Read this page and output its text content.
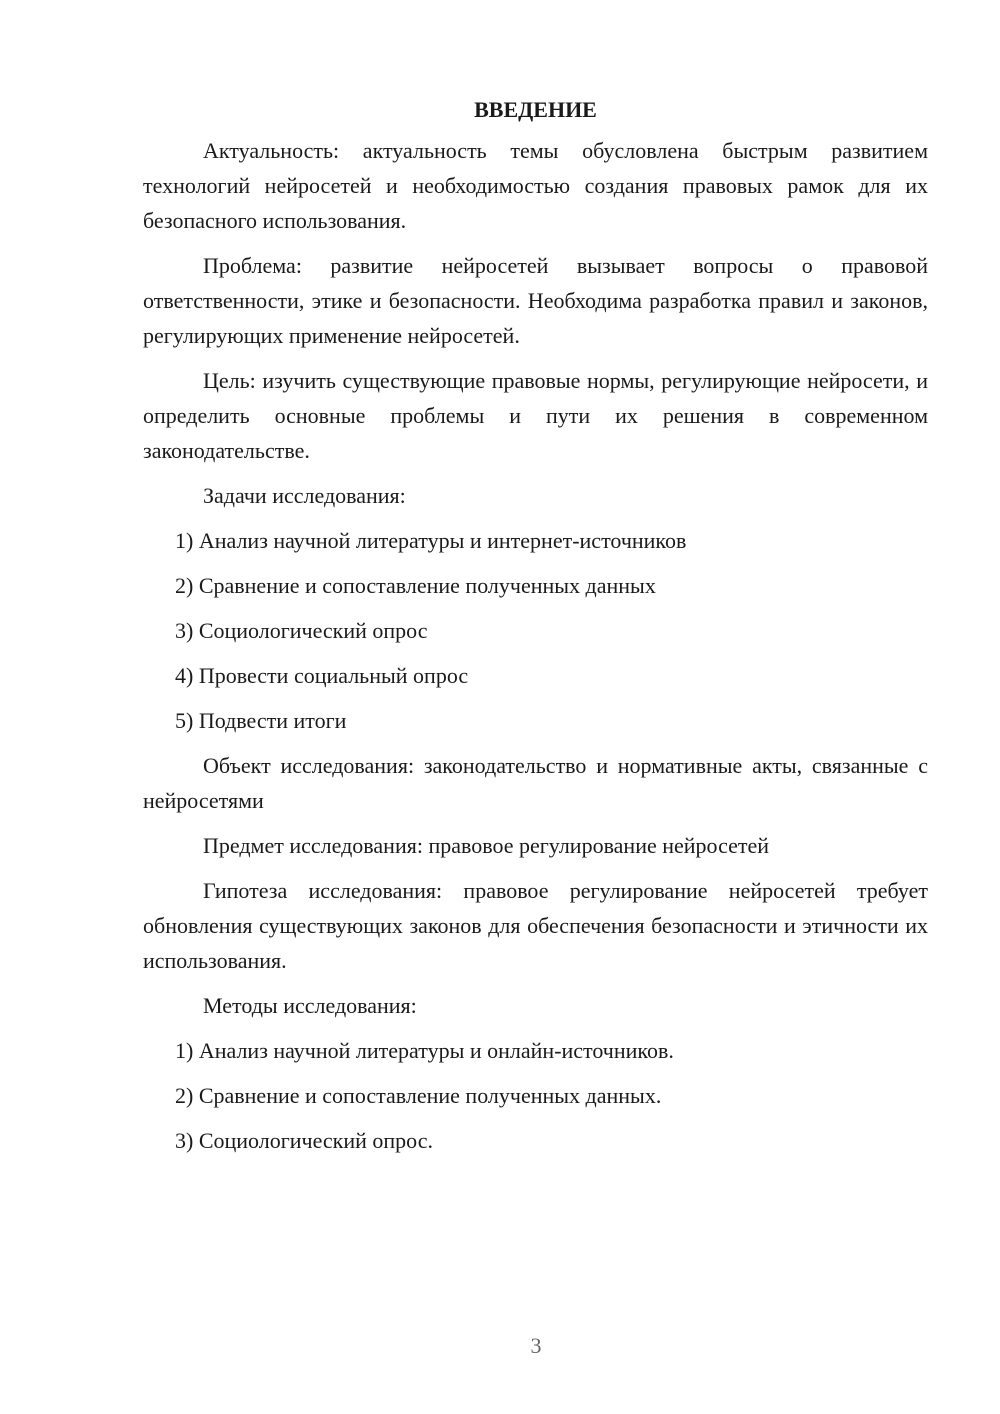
ВВЕДЕНИЕ

Актуальность: актуальность темы обусловлена быстрым развитием технологий нейросетей и необходимостью создания правовых рамок для их безопасного использования.

Проблема: развитие нейросетей вызывает вопросы о правовой ответственности, этике и безопасности. Необходима разработка правил и законов, регулирующих применение нейросетей.

Цель: изучить существующие правовые нормы, регулирующие нейросети, и определить основные проблемы и пути их решения в современном законодательстве.

Задачи исследования:

1) Анализ научной литературы и интернет-источников

2) Сравнение и сопоставление полученных данных

3) Социологический опрос

4) Провести социальный опрос

5) Подвести итоги

Объект исследования: законодательство и нормативные акты, связанные с нейросетями

Предмет исследования: правовое регулирование нейросетей

Гипотеза исследования: правовое регулирование нейросетей требует обновления существующих законов для обеспечения безопасности и этичности их использования.

Методы исследования:

1) Анализ научной литературы и онлайн-источников.

2) Сравнение и сопоставление полученных данных.

3) Социологический опрос.

3
